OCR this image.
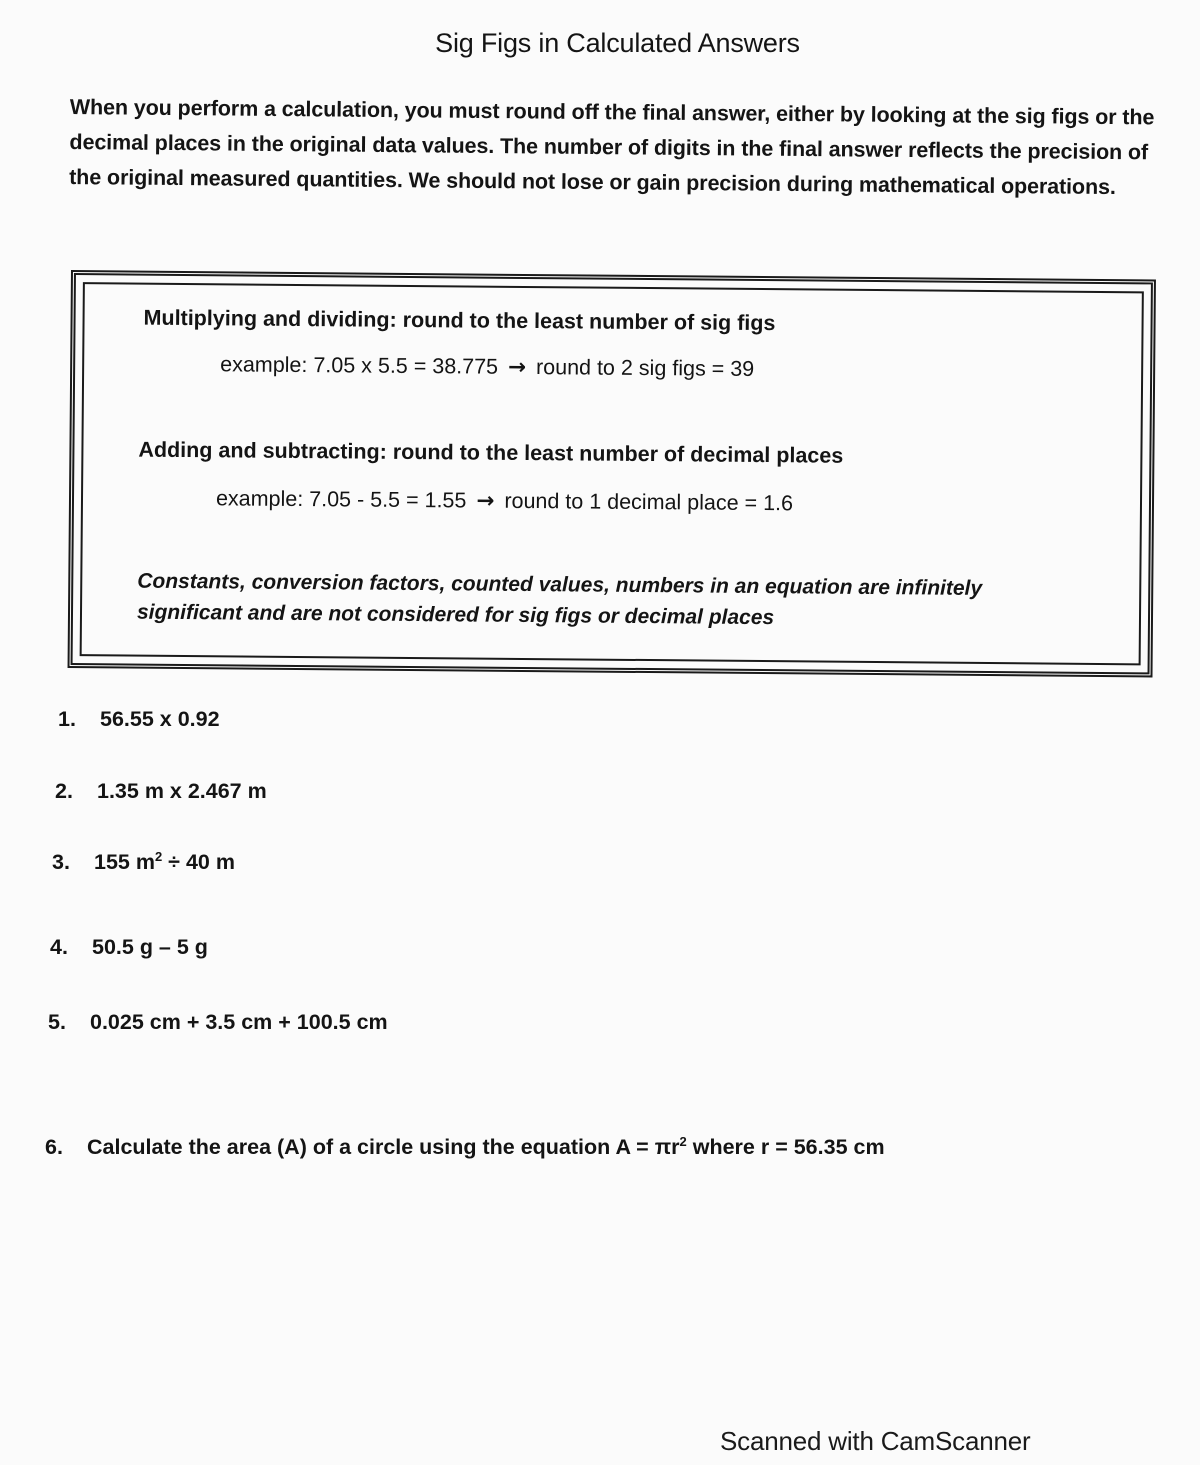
Sig Figs in Calculated Answers
When you perform a calculation, you must round off the final answer, either by looking at the sig figs or the decimal places in the original data values. The number of digits in the final answer reflects the precision of the original measured quantities. We should not lose or gain precision during mathematical operations.
Multiplying and dividing: round to the least number of sig figs
example: 7.05 x 5.5 = 38.775 → round to 2 sig figs = 39
Adding and subtracting: round to the least number of decimal places
example: 7.05 - 5.5 = 1.55 → round to 1 decimal place = 1.6
Constants, conversion factors, counted values, numbers in an equation are infinitely significant and are not considered for sig figs or decimal places
1. 56.55 x 0.92
2. 1.35 m x 2.467 m
3. 155 $m^2 \div 40$ m
4. 50.5 g – 5 g
5. 0.025 cm + 3.5 cm + 100.5 cm
6. Calculate the area (A) of a circle using the equation $A = \pi r^2$ where r = 56.35 cm
Scanned with CamScanner
